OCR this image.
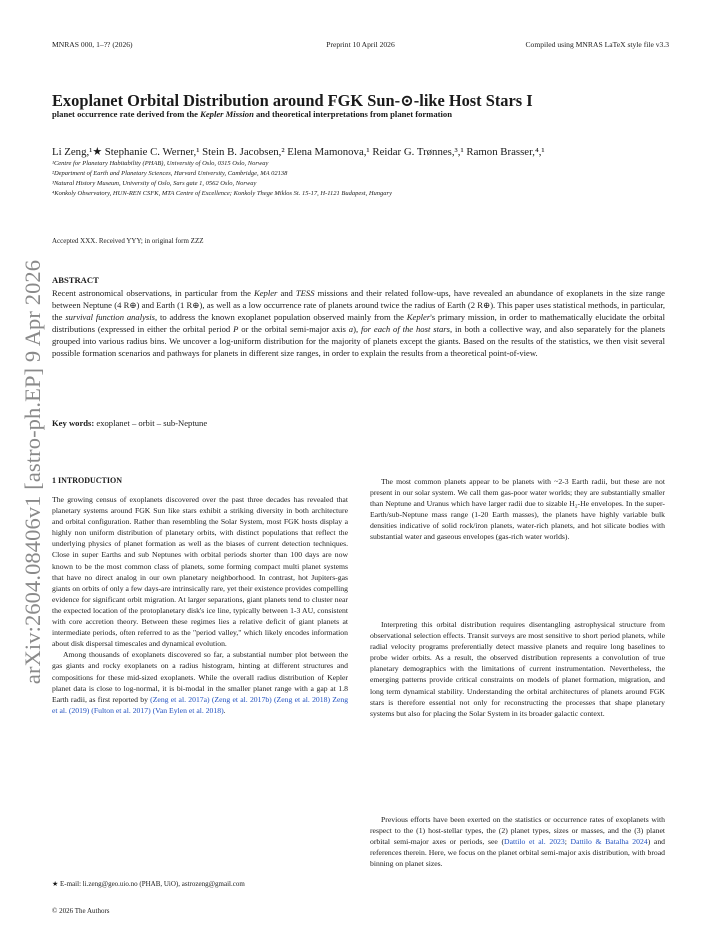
arXiv:2604.08406v1 [astro-ph.EP] 9 Apr 2026
MNRAS 000, 1–?? (2026)	Preprint 10 April 2026	Compiled using MNRAS LaTeX style file v3.3
Exoplanet Orbital Distribution around FGK Sun-⊙-like Host Stars I
planet occurrence rate derived from the Kepler Mission and theoretical interpretations from planet formation
Li Zeng,¹★ Stephanie C. Werner,¹ Stein B. Jacobsen,² Elena Mamonova,¹ Reidar G. Trønnes,³,¹ Ramon Brasser,⁴,¹
¹Centre for Planetary Habitability (PHAB), University of Oslo, 0315 Oslo, Norway
²Department of Earth and Planetary Sciences, Harvard University, Cambridge, MA 02138
³Natural History Museum, University of Oslo, Sars gate 1, 0562 Oslo, Norway
⁴Konkoly Observatory, HUN-REN CSFK, MTA Centre of Excellence; Konkoly Thege Miklos St. 15-17, H-1121 Budapest, Hungary
Accepted XXX. Received YYY; in original form ZZZ
ABSTRACT
Recent astronomical observations, in particular from the Kepler and TESS missions and their related follow-ups, have revealed an abundance of exoplanets in the size range between Neptune (4 R⊕) and Earth (1 R⊕), as well as a low occurrence rate of planets around twice the radius of Earth (2 R⊕). This paper uses statistical methods, in particular, the survival function analysis, to address the known exoplanet population observed mainly from the Kepler's primary mission, in order to mathematically elucidate the orbital distributions (expressed in either the orbital period P or the orbital semi-major axis a), for each of the host stars, in both a collective way, and also separately for the planets grouped into various radius bins. We uncover a log-uniform distribution for the majority of planets except the giants. Based on the results of the statistics, we then visit several possible formation scenarios and pathways for planets in different size ranges, in order to explain the results from a theoretical point-of-view.
Key words: exoplanet – orbit – sub-Neptune
1 INTRODUCTION

The growing census of exoplanets discovered over the past three decades has revealed that planetary systems around FGK Sun like stars exhibit a striking diversity in both architecture and orbital configuration. Rather than resembling the Solar System, most FGK hosts display a highly non uniform distribution of planetary orbits, with distinct populations that reflect the underlying physics of planet formation as well as the biases of current detection techniques. Close in super Earths and sub Neptunes with orbital periods shorter than 100 days are now known to be the most common class of planets, some forming compact multi planet systems that have no direct analog in our own planetary neighborhood. In contrast, hot Jupiters-gas giants on orbits of only a few days-are intrinsically rare, yet their existence provides compelling evidence for significant orbit migration. At larger separations, giant planets tend to cluster near the expected location of the protoplanetary disk's ice line, typically between 1-3 AU, consistent with core accretion theory. Between these regimes lies a relative deficit of giant planets at intermediate periods, often referred to as the "period valley," which likely encodes information about disk dispersal timescales and dynamical evolution.

Among thousands of exoplanets discovered so far, a substantial number plot between the gas giants and rocky exoplanets on a radius histogram, hinting at different structures and compositions for these mid-sized exoplanets. While the overall radius distribution of Kepler planet data is close to log-normal, it is bi-modal in the smaller planet range with a gap at 1.8 Earth radii, as first reported by (Zeng et al. 2017a) (Zeng et al. 2017b) (Zeng et al. 2018) Zeng et al. (2019) (Fulton et al. 2017) (Van Eylen et al. 2018).

The most common planets appear to be planets with ~2-3 Earth radii, but these are not present in our solar system. We call them gas-poor water worlds; they are substantially smaller than Neptune and Uranus which have larger radii due to sizable H₂-He envelopes. In the super-Earth/sub-Neptune mass range (1-20 Earth masses), the planets have highly variable bulk densities indicative of solid rock/iron planets, water-rich planets, and hot silicate bodies with substantial water and gaseous envelopes (gas-rich water worlds).

Interpreting this orbital distribution requires disentangling astrophysical structure from observational selection effects. Transit surveys are most sensitive to short period planets, while radial velocity programs preferentially detect massive planets and require long baselines to probe wider orbits. As a result, the observed distribution represents a convolution of true planetary demographics with the limitations of current instrumentation. Nevertheless, the emerging patterns provide critical constraints on models of planet formation, migration, and long term dynamical stability. Understanding the orbital architectures of planets around FGK stars is therefore essential not only for reconstructing the processes that shape planetary systems but also for placing the Solar System in its broader galactic context.

Previous efforts have been exerted on the statistics or occurrence rates of exoplanets with respect to the (1) host-stellar types, the (2) planet types, sizes or masses, and the (3) planet orbital semi-major axes or periods, see (Dattilo et al. 2023; Dattilo & Batalha 2024) and references therein. Here, we focus on the planet orbital semi-major axis distribution, with broad binning on planet sizes.

★ E-mail: li.zeng@geo.uio.no (PHAB, UiO), astrozeng@gmail.com
© 2026 The Authors
